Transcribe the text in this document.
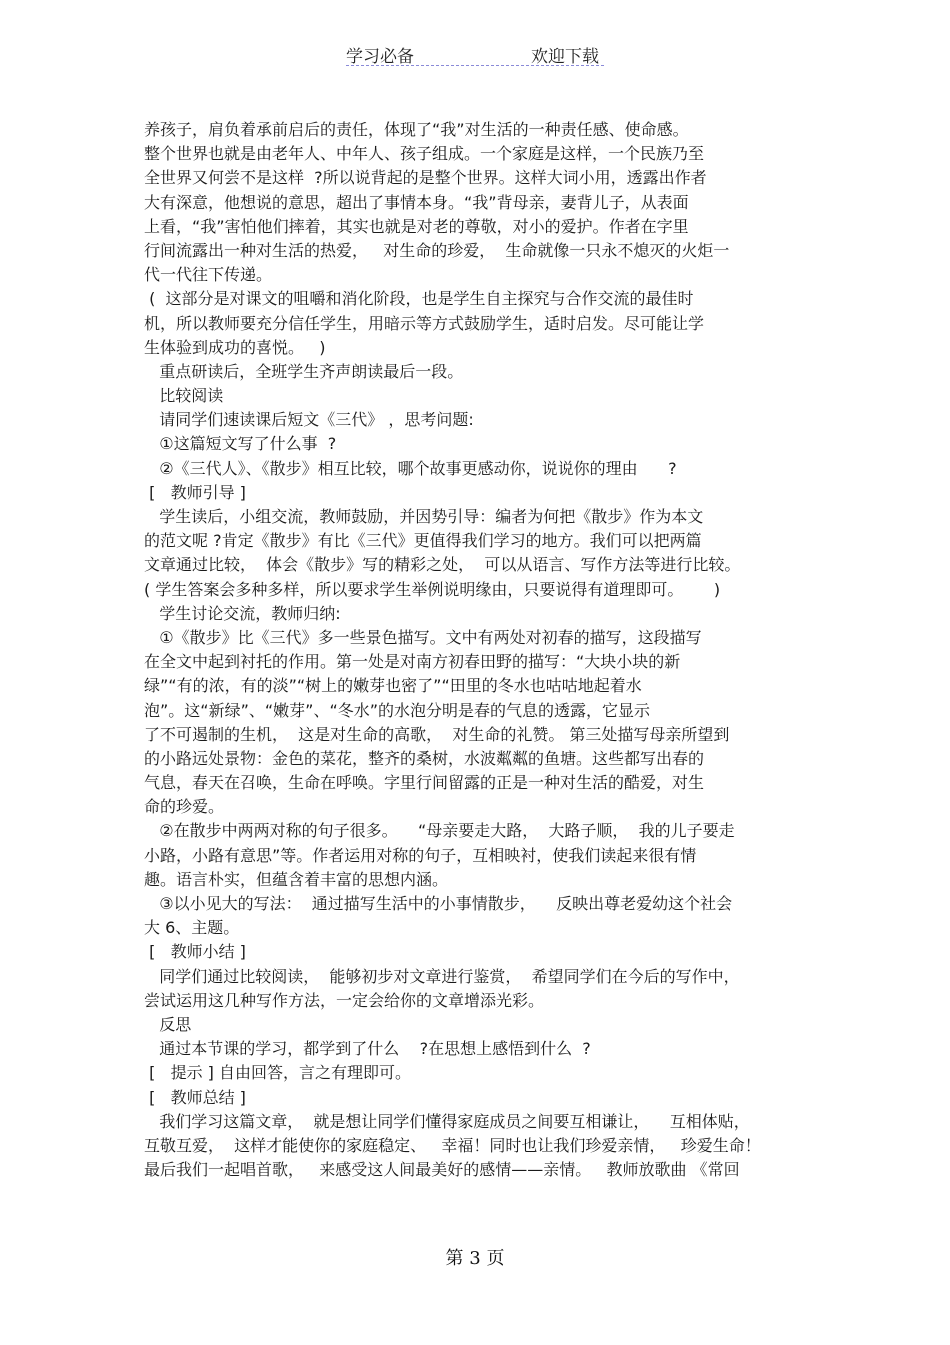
学习必备	欢迎下载
养孩子，肩负着承前启后的责任，体现了“我”对生活的一种责任感、使命感。
整个世界也就是由老年人、中年人、孩子组成。一个家庭是这样，一个民族乃至
全世界又何尝不是这样  ?所以说背起的是整个世界。这样大词小用，透露出作者
大有深意，他想说的意思，超出了事情本身。“我”背母亲，妻背儿子，从表面
上看，“我”害怕他们摔着，其实也就是对老的尊敬，对小的爱护。作者在字里
行间流露出一种对生活的热爱，   对生命的珍爱，  生命就像一只永不熄灭的火炬一
代一代往下传递。
(  这部分是对课文的咀嚼和消化阶段，也是学生自主探究与合作交流的最佳时
机，所以教师要充分信任学生，用暗示等方式鼓励学生，适时启发。尽可能让学
生体验到成功的喜悦。   )
重点研读后，全班学生齐声朗读最后一段。
比较阅读
请同学们速读课后短文《三代》 ，思考问题:
①这篇短文写了什么事  ?
②《三代人》、《散步》相互比较，哪个故事更感动你，说说你的理由      ?
[   教师引导 ]
学生读后，小组交流，教师鼓励，并因势引导：编者为何把《散步》作为本文
的范文呢 ?肯定《散步》有比《三代》更值得我们学习的地方。我们可以把两篇
文章通过比较，  体会《散步》写的精彩之处，  可以从语言、写作方法等进行比较。
( 学生答案会多种多样，所以要求学生举例说明缘由，只要说得有道理即可。      )
学生讨论交流，教师归纳:
①《散步》比《三代》多一些景色描写。文中有两处对初春的描写，这段描写
在全文中起到衬托的作用。第一处是对南方初春田野的描写：“大块小块的新
绿”“有的浓，有的淡”“树上的嫩芽也密了”“田里的冬水也咕咕地起着水
泡”。这“新绿”、“嫩芽”、“冬水”的水泡分明是春的气息的透露，它显示
了不可遏制的生机，  这是对生命的高歌，  对生命的礼赞。 第三处描写母亲所望到
的小路远处景物：金色的菜花，整齐的桑树，水波粼粼的鱼塘。这些都写出春的
气息，春天在召唤，生命在呼唤。字里行间留露的正是一种对生活的酷爱，对生
命的珍爱。
②在散步中两两对称的句子很多。    “母亲要走大路，  大路子顺，  我的儿子要走
小路，小路有意思”等。作者运用对称的句子，互相映衬，使我们读起来很有情
趣。语言朴实，但蕴含着丰富的思想内涵。
③以小见大的写法：  通过描写生活中的小事情散步，    反映出尊老爱幼这个社会
大 6、主题。
[   教师小结 ]
同学们通过比较阅读，  能够初步对文章进行鉴赏，  希望同学们在今后的写作中，
尝试运用这几种写作方法，一定会给你的文章增添光彩。
反思
通过本节课的学习，都学到了什么    ?在思想上感悟到什么  ?
[   提示 ] 自由回答，言之有理即可。
[   教师总结 ]
我们学习这篇文章，  就是想让同学们懂得家庭成员之间要互相谦让，    互相体贴，
互敬互爱，  这样才能使你的家庭稳定、   幸福！同时也让我们珍爱亲情，   珍爱生命！
最后我们一起唱首歌，   来感受这人间最美好的感情——亲情。   教师放歌曲 《常回
第 3 页
